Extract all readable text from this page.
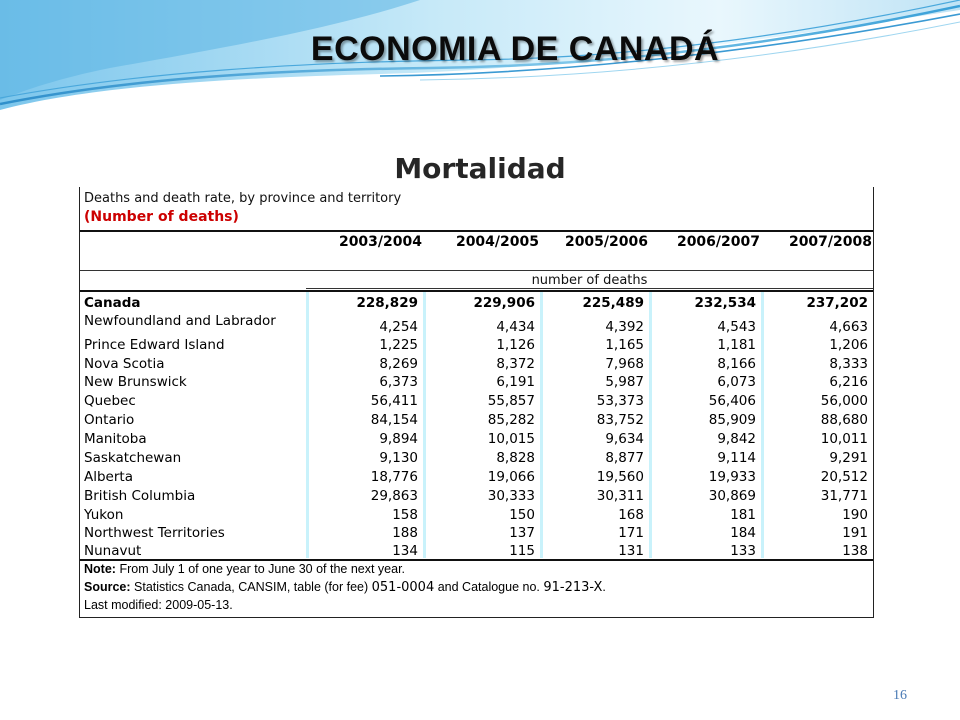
ECONOMIA DE CANADÁ
Mortalidad
Deaths and death rate, by province and territory
(Number of deaths)
2003/2004	2004/2005	2005/2006	2006/2007	2007/2008
number of deaths
Canada	228,829	229,906	225,489	232,534	237,202
Newfoundland and Labrador	4,254	4,434	4,392	4,543	4,663
Prince Edward Island	1,225	1,126	1,165	1,181	1,206
Nova Scotia	8,269	8,372	7,968	8,166	8,333
New Brunswick	6,373	6,191	5,987	6,073	6,216
Quebec	56,411	55,857	53,373	56,406	56,000
Ontario	84,154	85,282	83,752	85,909	88,680
Manitoba	9,894	10,015	9,634	9,842	10,011
Saskatchewan	9,130	8,828	8,877	9,114	9,291
Alberta	18,776	19,066	19,560	19,933	20,512
British Columbia	29,863	30,333	30,311	30,869	31,771
Yukon	158	150	168	181	190
Northwest Territories	188	137	171	184	191
Nunavut	134	115	131	133	138
Note: From July 1 of one year to June 30 of the next year.
Source: Statistics Canada, CANSIM, table (for fee) 051-0004 and Catalogue no. 91-213-X.
Last modified: 2009-05-13.
16
